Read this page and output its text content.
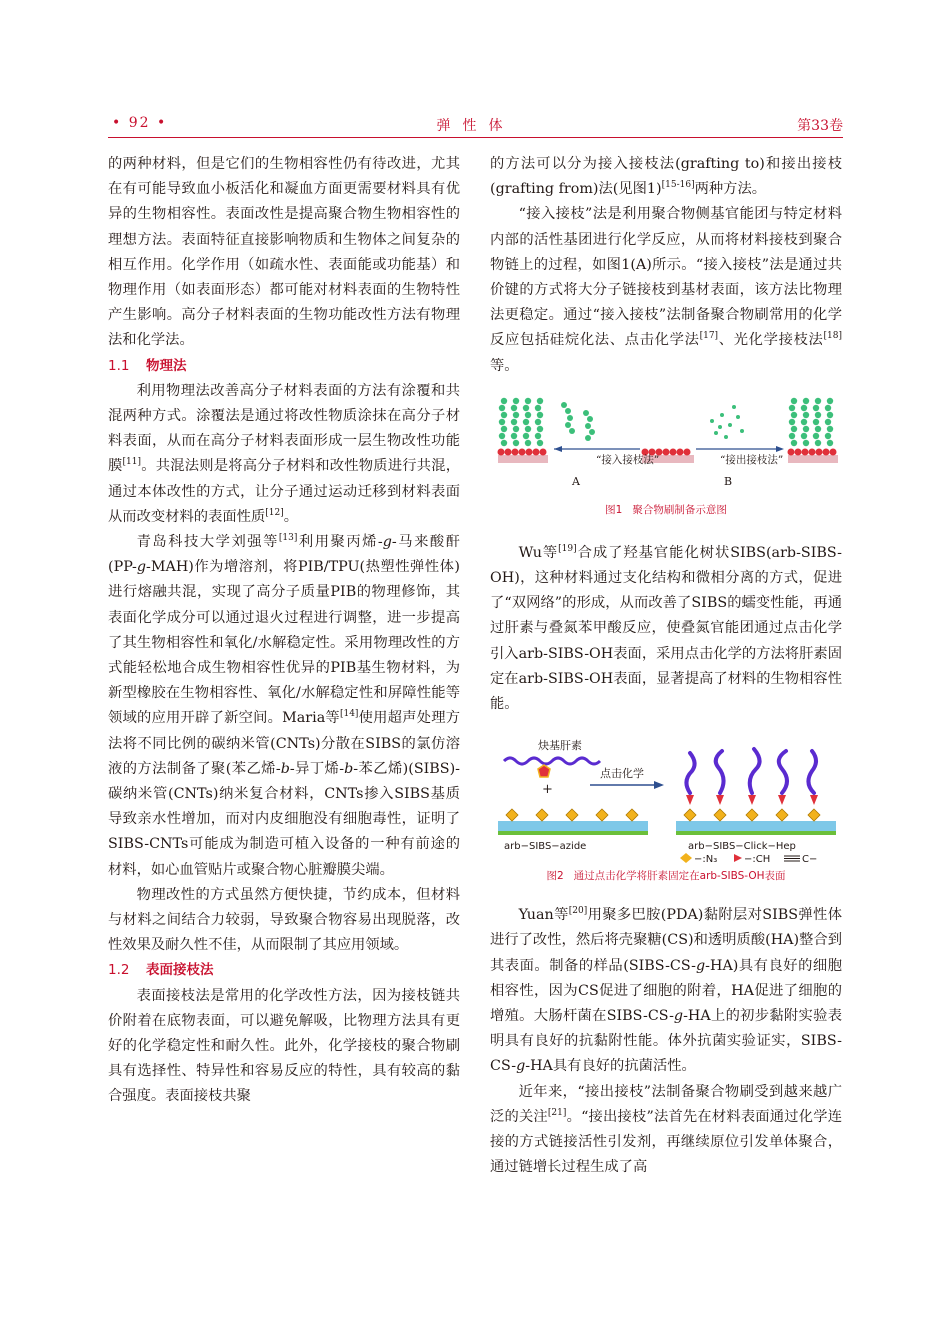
• 92 •	弹性体	第33卷

的两种材料，但是它们的生物相容性仍有待改进，尤其在有可能导致血小板活化和凝血方面更需要材料具有优异的生物相容性。表面改性是提高聚合物生物相容性的理想方法。表面特征直接影响物质和生物体之间复杂的相互作用。化学作用（如疏水性、表面能或功能基）和物理作用（如表面形态）都可能对材料表面的生物特性产生影响。高分子材料表面的生物功能改性方法有物理法和化学法。

1.1 物理法

利用物理法改善高分子材料表面的方法有涂覆和共混两种方式。涂覆法是通过将改性物质涂抹在高分子材料表面，从而在高分子材料表面形成一层生物改性功能膜[11]。共混法则是将高分子材料和改性物质进行共混，通过本体改性的方式，让分子通过运动迁移到材料表面从而改变材料的表面性质[12]。

青岛科技大学刘强等[13]利用聚丙烯-g-马来酸酐(PP-g-MAH)作为增溶剂，将PIB/TPU(热塑性弹性体)进行熔融共混，实现了高分子质量PIB的物理修饰，其表面化学成分可以通过退火过程进行调整，进一步提高了其生物相容性和氧化/水解稳定性。采用物理改性的方式能轻松地合成生物相容性优异的PIB基生物材料，为新型橡胶在生物相容性、氧化/水解稳定性和屏障性能等领域的应用开辟了新空间。Maria等[14]使用超声处理方法将不同比例的碳纳米管(CNTs)分散在SIBS的氯仿溶液的方法制备了聚(苯乙烯-b-异丁烯-b-苯乙烯)(SIBS)-碳纳米管(CNTs)纳米复合材料，CNTs掺入SIBS基质导致亲水性增加，而对内皮细胞没有细胞毒性，证明了SIBS-CNTs可能成为制造可植入设备的一种有前途的材料，如心血管贴片或聚合物心脏瓣膜尖端。

物理改性的方式虽然方便快捷，节约成本，但材料与材料之间结合力较弱，导致聚合物容易出现脱落，改性效果及耐久性不佳，从而限制了其应用领域。

1.2 表面接枝法

表面接枝法是常用的化学改性方法，因为接枝链共价附着在底物表面，可以避免解吸，比物理方法具有更好的化学稳定性和耐久性。此外，化学接枝的聚合物刷具有选择性、特异性和容易反应的特性，具有较高的黏合强度。表面接枝共聚

的方法可以分为接入接枝法(grafting to)和接出接枝(grafting from)法(见图1)[15-16]两种方法。

“接入接枝”法是利用聚合物侧基官能团与特定材料内部的活性基团进行化学反应，从而将材料接枝到聚合物链上的过程，如图1(A)所示。“接入接枝”法是通过共价键的方式将大分子链接枝到基材表面，该方法比物理法更稳定。通过“接入接枝”法制备聚合物刷常用的化学反应包括硅烷化法、点击化学法[17]、光化学接枝法[18]等。

“接入接枝法”	“接出接枝法”
A	B
图1 聚合物刷制备示意图

Wu等[19]合成了羟基官能化树状SIBS(arb-SIBS-OH)，这种材料通过支化结构和微相分离的方式，促进了“双网络”的形成，从而改善了SIBS的蠕变性能，再通过肝素与叠氮苯甲酸反应，使叠氮官能团通过点击化学引入arb-SIBS-OH表面，采用点击化学的方法将肝素固定在arb-SIBS-OH表面，显著提高了材料的生物相容性能。

炔基肝素
+
arb−SIBS−azide
点击化学
arb−SIBS−Click−Hep
−:N₃	−:CH	C−
图2 通过点击化学将肝素固定在arb-SIBS-OH表面

Yuan等[20]用聚多巴胺(PDA)黏附层对SIBS弹性体进行了改性，然后将壳聚糖(CS)和透明质酸(HA)整合到其表面。制备的样品(SIBS-CS-g-HA)具有良好的细胞相容性，因为CS促进了细胞的附着，HA促进了细胞的增殖。大肠杆菌在SIBS-CS-g-HA上的初步黏附实验表明具有良好的抗黏附性能。体外抗菌实验证实，SIBS-CS-g-HA具有良好的抗菌活性。

近年来，“接出接枝”法制备聚合物刷受到越来越广泛的关注[21]。“接出接枝”法首先在材料表面通过化学连接的方式链接活性引发剂，再继续原位引发单体聚合，通过链增长过程生成了高
